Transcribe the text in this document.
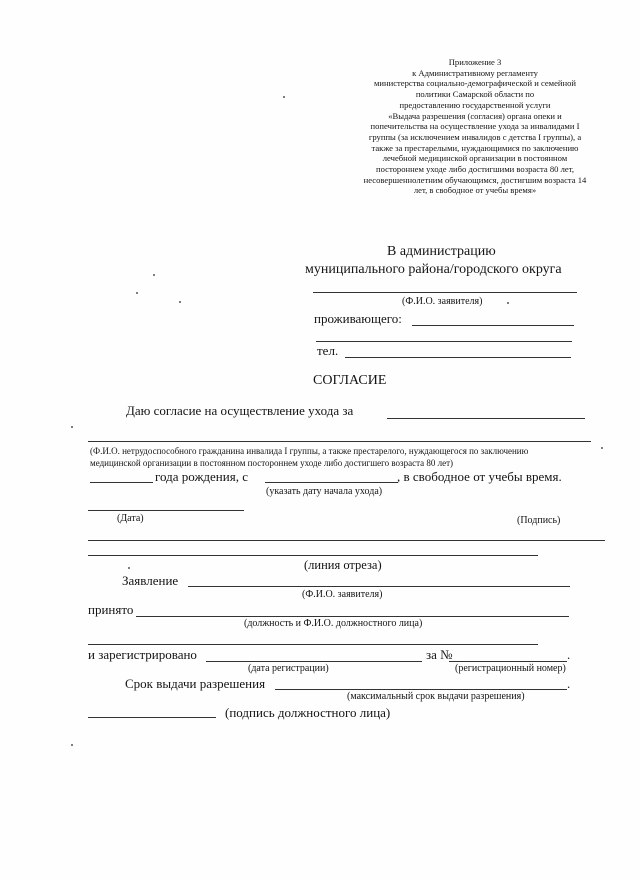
Приложение 3
к Административному регламенту
министерства социально-демографической и семейной
политики Самарской области по
предоставлению государственной услуги
«Выдача разрешения (согласия) органа опеки и
попечительства на осуществление ухода за инвалидами I
группы (за исключением инвалидов с детства I группы), а
также за престарелыми, нуждающимися по заключению
лечебной медицинской организации в постоянном
постороннем уходе либо достигшими возраста 80 лет,
несовершеннолетним обучающимся, достигшим возраста 14
лет, в свободное от учебы время»
В администрацию
муниципального района/городского округа
(Ф.И.О. заявителя)
проживающего:
тел.
СОГЛАСИЕ
Даю согласие на осуществление ухода за
(Ф.И.О. нетрудоспособного гражданина инвалида I группы, а также престарелого, нуждающегося по заключению
медицинской организации в постоянном постороннем уходе либо достигшего возраста 80 лет)
года рождения, с	, в свободное от учебы время.
(указать дату начала ухода)
(Дата)	(Подпись)
(линия отреза)
Заявление
(Ф.И.О. заявителя)
принято
(должность и Ф.И.О. должностного лица)
и зарегистрировано	за №	.
(дата регистрации)	(регистрационный номер)
Срок выдачи разрешения	.
(максимальный срок выдачи разрешения)
(подпись должностного лица)
